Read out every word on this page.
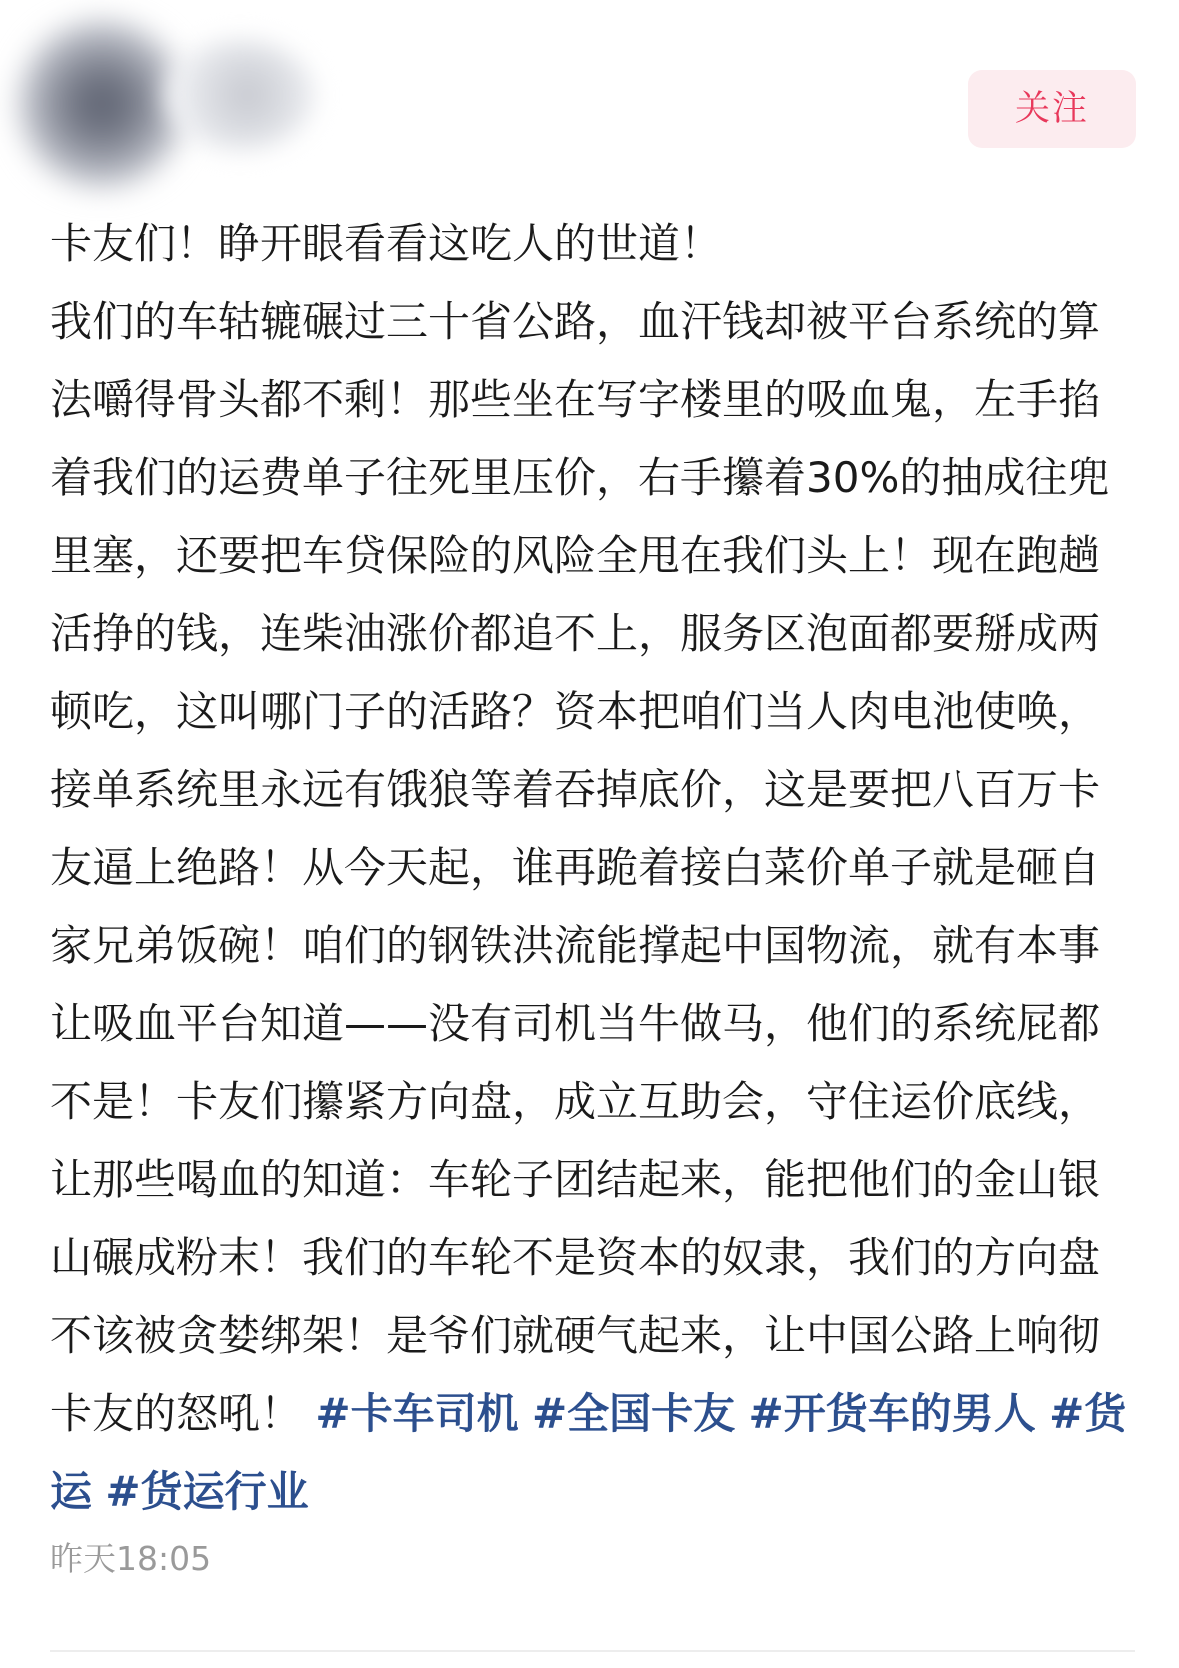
关注

卡友们！睁开眼看看这吃人的世道！

我们的车轱辘碾过三十省公路，血汗钱却被平台系统的算法嚼得骨头都不剩！那些坐在写字楼里的吸血鬼，左手掐着我们的运费单子往死里压价，右手攥着30%的抽成往兜里塞，还要把车贷保险的风险全甩在我们头上！现在跑趟活挣的钱，连柴油涨价都追不上，服务区泡面都要掰成两顿吃，这叫哪门子的活路？资本把咱们当人肉电池使唤，接单系统里永远有饿狼等着吞掉底价，这是要把八百万卡友逼上绝路！从今天起，谁再跪着接白菜价单子就是砸自家兄弟饭碗！咱们的钢铁洪流能撑起中国物流，就有本事让吸血平台知道——没有司机当牛做马，他们的系统屁都不是！卡友们攥紧方向盘，成立互助会，守住运价底线，让那些喝血的知道：车轮子团结起来，能把他们的金山银山碾成粉末！我们的车轮不是资本的奴隶，我们的方向盘不该被贪婪绑架！是爷们就硬气起来，让中国公路上响彻卡友的怒吼！ #卡车司机 #全国卡友 #开货车的男人 #货运 #货运行业

昨天18:05
